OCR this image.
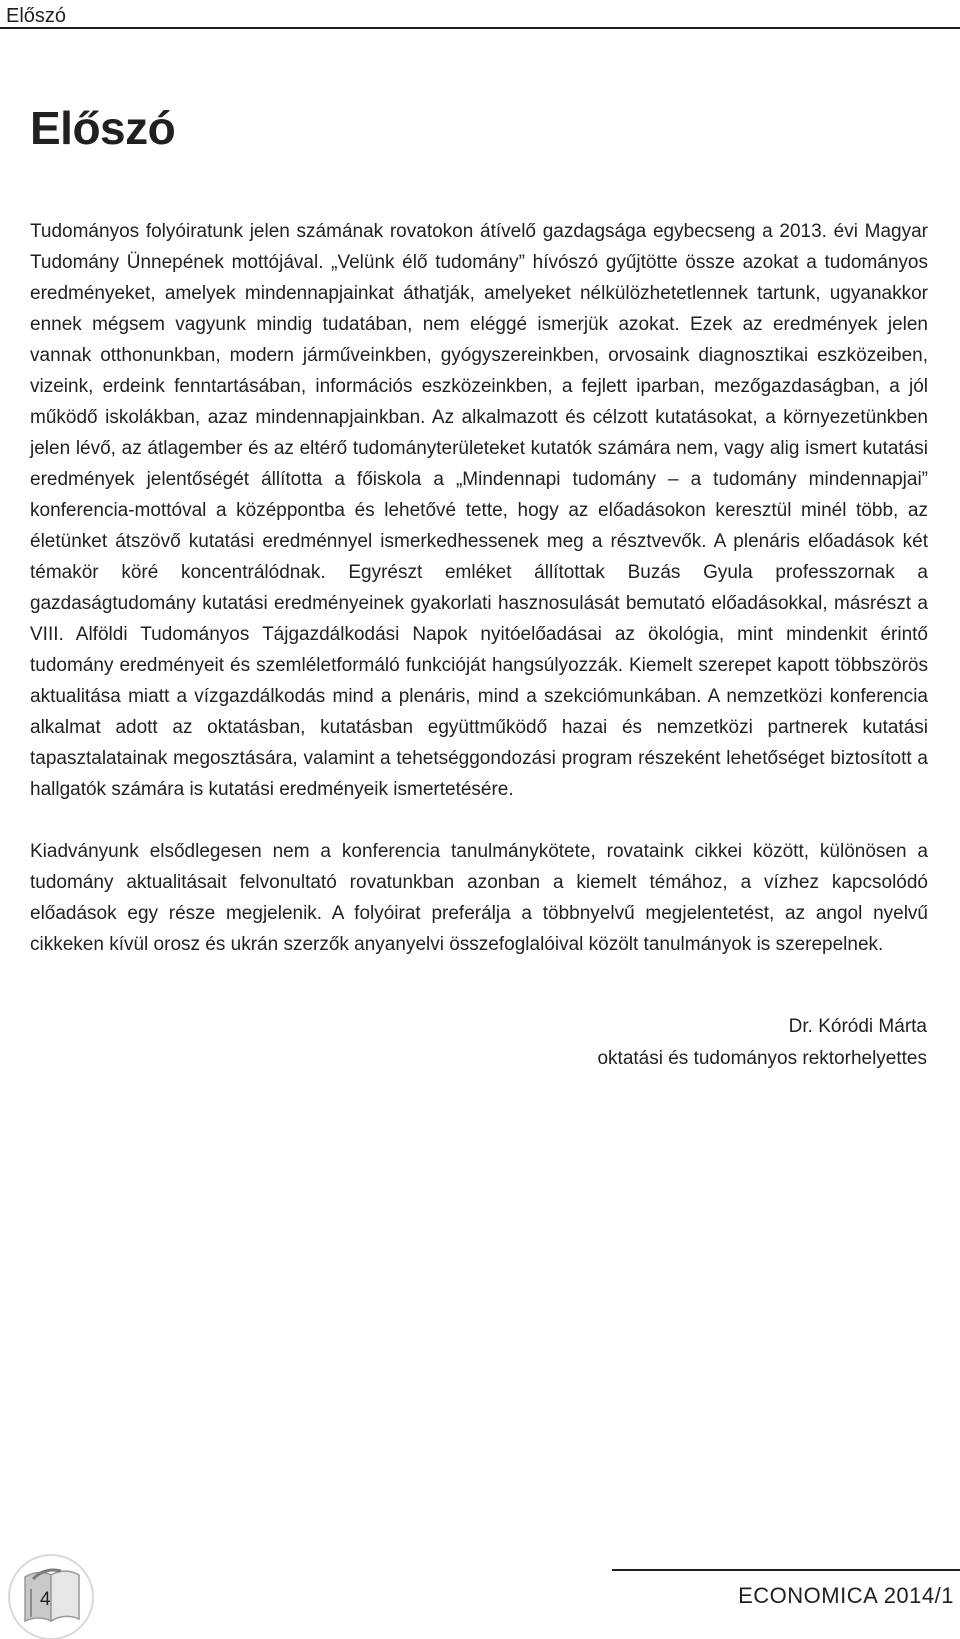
Előszó
Előszó

Tudományos folyóiratunk jelen számának rovatokon átívelő gazdagsága egybecseng a 2013. évi Magyar Tudomány Ünnepének mottójával. „Velünk élő tudomány” hívószó gyűjtötte össze azokat a tudományos eredményeket, amelyek mindennapjainkat áthatják, amelyeket nélkülözhetetlennek tartunk, ugyanakkor ennek mégsem vagyunk mindig tudatában, nem eléggé ismerjük azokat. Ezek az eredmények jelen vannak otthonunkban, modern járműveinkben, gyógyszereinkben, orvosaink diagnosztikai eszközeiben, vizeink, erdeink fenntartásában, információs eszközeinkben, a fejlett iparban, mezőgazdaságban, a jól működő iskolákban, azaz mindennapjainkban. Az alkalmazott és célzott kutatásokat, a környezetünkben jelen lévő, az átlagember és az eltérő tudományterületeket kutatók számára nem, vagy alig ismert kutatási eredmények jelentőségét állította a főiskola a „Mindennapi tudomány – a tudomány mindennapjai” konferencia-mottóval a középpontba és lehetővé tette, hogy az előadásokon keresztül minél több, az életünket átszövő kutatási eredménnyel ismerkedhessenek meg a résztvevők. A plenáris előadások két témakör köré koncentrálódnak. Egyrészt emléket állítottak Buzás Gyula professzornak a gazdaságtudomány kutatási eredményeinek gyakorlati hasznosulását bemutató előadásokkal, másrészt a VIII. Alföldi Tudományos Tájgazdálkodási Napok nyitóelőadásai az ökológia, mint mindenkit érintő tudomány eredményeit és szemléletformáló funkcióját hangsúlyozzák. Kiemelt szerepet kapott többszörös aktualitása miatt a vízgazdálkodás mind a plenáris, mind a szekciómunkában. A nemzetközi konferencia alkalmat adott az oktatásban, kutatásban együttműködő hazai és nemzetközi partnerek kutatási tapasztalatainak megosztására, valamint a tehetséggondozási program részeként lehetőséget biztosított a hallgatók számára is kutatási eredményeik ismertetésére.

Kiadványunk elsődlegesen nem a konferencia tanulmánykötete, rovataink cikkei között, különösen a tudomány aktualitásait felvonultató rovatunkban azonban a kiemelt témához, a vízhez kapcsolódó előadások egy része megjelenik. A folyóirat preferálja a többnyelvű megjelentetést, az angol nyelvű cikkeken kívül orosz és ukrán szerzők anyanyelvi összefoglalóival közölt tanulmányok is szerepelnek.

Dr. Kóródi Márta
oktatási és tudományos rektorhelyettes
4	ECONOMICA 2014/1
